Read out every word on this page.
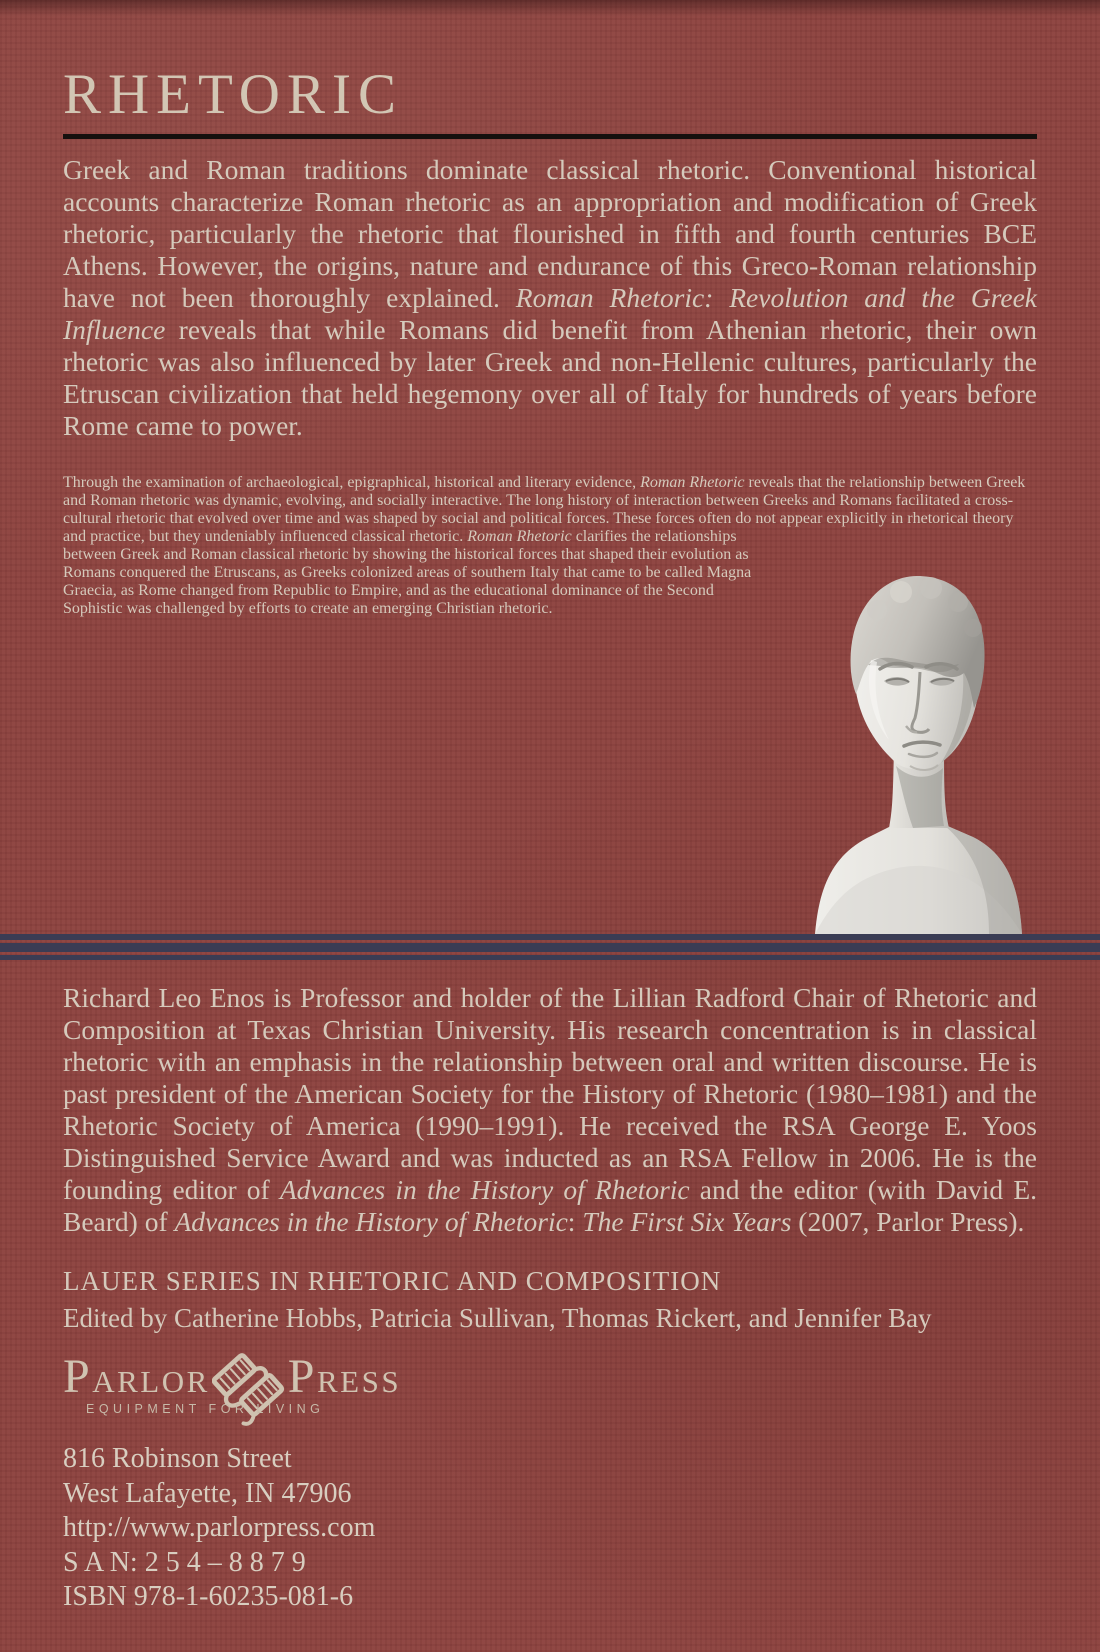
RHETORIC

Greek and Roman traditions dominate classical rhetoric. Conventional historical accounts characterize Roman rhetoric as an appropriation and modification of Greek rhetoric, particularly the rhetoric that flourished in fifth and fourth centuries BCE Athens. However, the origins, nature and endurance of this Greco-Roman relationship have not been thoroughly explained. Roman Rhetoric: Revolution and the Greek Influence reveals that while Romans did benefit from Athenian rhetoric, their own rhetoric was also influenced by later Greek and non-Hellenic cultures, particularly the Etruscan civilization that held hegemony over all of Italy for hundreds of years before Rome came to power.

Through the examination of archaeological, epigraphical, historical and literary evidence, Roman Rhetoric reveals that the relationship between Greek and Roman rhetoric was dynamic, evolving, and socially interactive. The long history of interaction between Greeks and Romans facilitated a cross-cultural rhetoric that evolved over time and was shaped by social and political forces. These forces often do not appear explicitly in rhetorical theory and practice, but they undeniably influenced classical rhetoric. Roman Rhetoric clarifies the relationships between Greek and Roman classical rhetoric by showing the historical forces that shaped their evolution as Romans conquered the Etruscans, as Greeks colonized areas of southern Italy that came to be called Magna Graecia, as Rome changed from Republic to Empire, and as the educational dominance of the Second Sophistic was challenged by efforts to create an emerging Christian rhetoric.

Richard Leo Enos is Professor and holder of the Lillian Radford Chair of Rhetoric and Composition at Texas Christian University. His research concentration is in classical rhetoric with an emphasis in the relationship between oral and written discourse. He is past president of the American Society for the History of Rhetoric (1980–1981) and the Rhetoric Society of America (1990–1991). He received the RSA George E. Yoos Distinguished Service Award and was inducted as an RSA Fellow in 2006. He is the founding editor of Advances in the History of Rhetoric and the editor (with David E. Beard) of Advances in the History of Rhetoric: The First Six Years (2007, Parlor Press).

LAUER SERIES IN RHETORIC AND COMPOSITION
Edited by Catherine Hobbs, Patricia Sullivan, Thomas Rickert, and Jennifer Bay
PARLOR	PRESS
EQUIPMENT FOR LIVING
816 Robinson Street
West Lafayette, IN 47906
http://www.parlorpress.com
S A N: 2 5 4 – 8 8 7 9
ISBN 978-1-60235-081-6
